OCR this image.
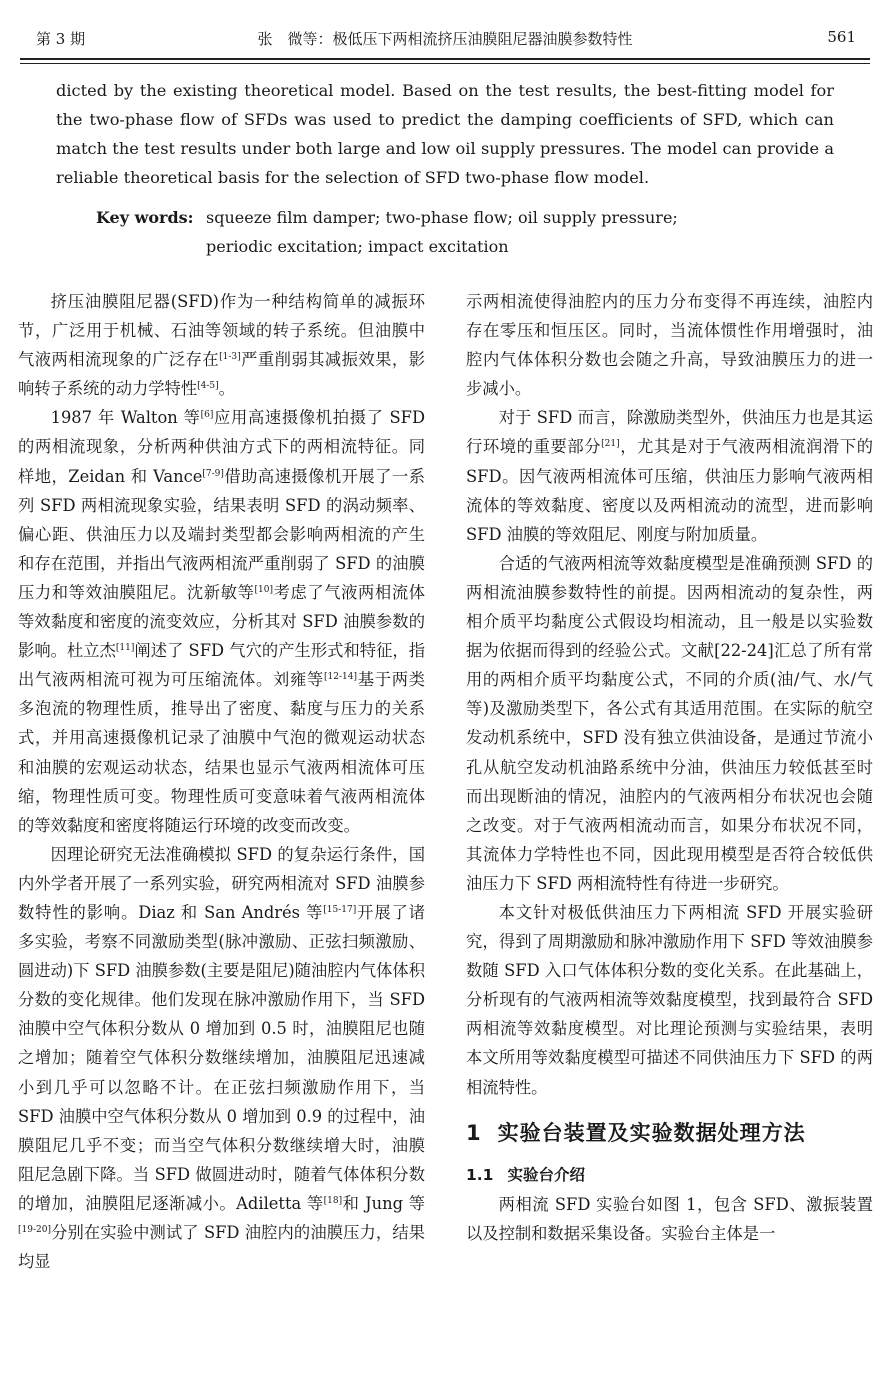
第 3 期	张　微等：极低压下两相流挤压油膜阻尼器油膜参数特性	561
dicted by the existing theoretical model. Based on the test results, the best-fitting model for the two-phase flow of SFDs was used to predict the damping coefficients of SFD, which can match the test results under both large and low oil supply pressures. The model can provide a reliable theoretical basis for the selection of SFD two-phase flow model.
Key words: squeeze film damper; two-phase flow; oil supply pressure;
periodic excitation; impact excitation

挤压油膜阻尼器(SFD)作为一种结构简单的减振环节，广泛用于机械、石油等领域的转子系统。但油膜中气液两相流现象的广泛存在[1-3]严重削弱其减振效果，影响转子系统的动力学特性[4-5]。

1987 年 Walton 等[6]应用高速摄像机拍摄了 SFD 的两相流现象，分析两种供油方式下的两相流特征。同样地，Zeidan 和 Vance[7-9]借助高速摄像机开展了一系列 SFD 两相流现象实验，结果表明 SFD 的涡动频率、偏心距、供油压力以及端封类型都会影响两相流的产生和存在范围，并指出气液两相流严重削弱了 SFD 的油膜压力和等效油膜阻尼。沈新敏等[10]考虑了气液两相流体等效黏度和密度的流变效应，分析其对 SFD 油膜参数的影响。杜立杰[11]阐述了 SFD 气穴的产生形式和特征，指出气液两相流可视为可压缩流体。刘雍等[12-14]基于两类多泡流的物理性质，推导出了密度、黏度与压力的关系式，并用高速摄像机记录了油膜中气泡的微观运动状态和油膜的宏观运动状态，结果也显示气液两相流体可压缩，物理性质可变。物理性质可变意味着气液两相流体的等效黏度和密度将随运行环境的改变而改变。

因理论研究无法准确模拟 SFD 的复杂运行条件，国内外学者开展了一系列实验，研究两相流对 SFD 油膜参数特性的影响。Diaz 和 San Andrés 等[15-17]开展了诸多实验，考察不同激励类型(脉冲激励、正弦扫频激励、圆进动)下 SFD 油膜参数(主要是阻尼)随油腔内气体体积分数的变化规律。他们发现在脉冲激励作用下，当 SFD 油膜中空气体积分数从 0 增加到 0.5 时，油膜阻尼也随之增加；随着空气体积分数继续增加，油膜阻尼迅速减小到几乎可以忽略不计。在正弦扫频激励作用下，当 SFD 油膜中空气体积分数从 0 增加到 0.9 的过程中，油膜阻尼几乎不变；而当空气体积分数继续增大时，油膜阻尼急剧下降。当 SFD 做圆进动时，随着气体体积分数的增加，油膜阻尼逐渐减小。Adiletta 等[18]和 Jung 等[19-20]分别在实验中测试了 SFD 油腔内的油膜压力，结果均显

示两相流使得油腔内的压力分布变得不再连续，油腔内存在零压和恒压区。同时，当流体惯性作用增强时，油腔内气体体积分数也会随之升高，导致油膜压力的进一步减小。

对于 SFD 而言，除激励类型外，供油压力也是其运行环境的重要部分[21]，尤其是对于气液两相流润滑下的 SFD。因气液两相流体可压缩，供油压力影响气液两相流体的等效黏度、密度以及两相流动的流型，进而影响 SFD 油膜的等效阻尼、刚度与附加质量。

合适的气液两相流等效黏度模型是准确预测 SFD 的两相流油膜参数特性的前提。因两相流动的复杂性，两相介质平均黏度公式假设均相流动，且一般是以实验数据为依据而得到的经验公式。文献[22-24]汇总了所有常用的两相介质平均黏度公式，不同的介质(油/气、水/气等)及激励类型下，各公式有其适用范围。在实际的航空发动机系统中，SFD 没有独立供油设备，是通过节流小孔从航空发动机油路系统中分油，供油压力较低甚至时而出现断油的情况，油腔内的气液两相分布状况也会随之改变。对于气液两相流动而言，如果分布状况不同，其流体力学特性也不同，因此现用模型是否符合较低供油压力下 SFD 两相流特性有待进一步研究。

本文针对极低供油压力下两相流 SFD 开展实验研究，得到了周期激励和脉冲激励作用下 SFD 等效油膜参数随 SFD 入口气体体积分数的变化关系。在此基础上，分析现有的气液两相流等效黏度模型，找到最符合 SFD 两相流等效黏度模型。对比理论预测与实验结果，表明本文所用等效黏度模型可描述不同供油压力下 SFD 的两相流特性。

1 实验台装置及实验数据处理方法
1.1 实验台介绍

两相流 SFD 实验台如图 1，包含 SFD、激振装置以及控制和数据采集设备。实验台主体是一
